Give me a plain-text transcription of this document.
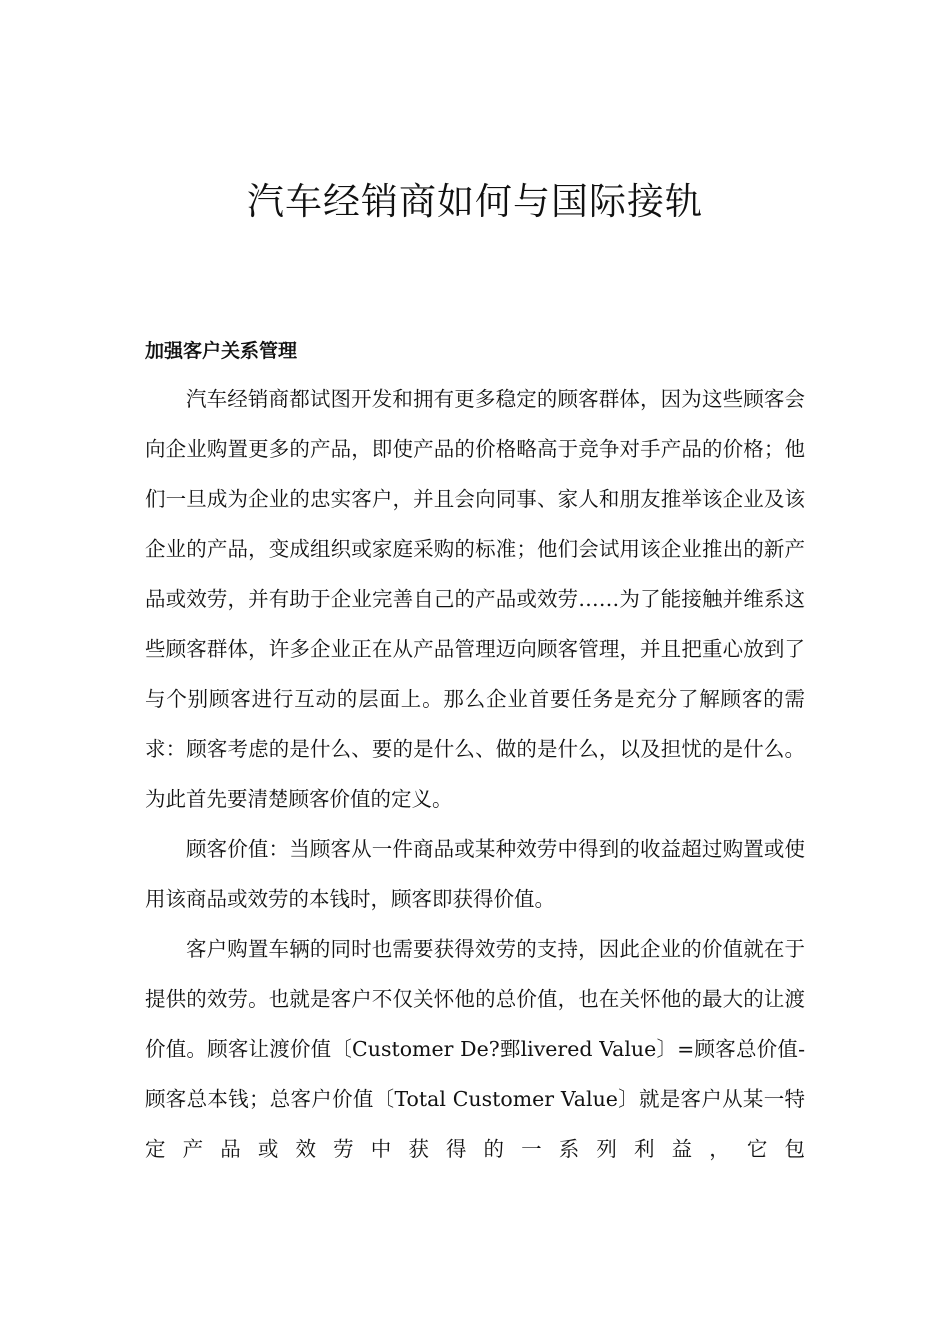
汽车经销商如何与国际接轨
加强客户关系管理

汽车经销商都试图开发和拥有更多稳定的顾客群体，因为这些顾客会向企业购置更多的产品，即使产品的价格略高于竞争对手产品的价格；他们一旦成为企业的忠实客户，并且会向同事、家人和朋友推举该企业及该企业的产品，变成组织或家庭采购的标准；他们会试用该企业推出的新产品或效劳，并有助于企业完善自己的产品或效劳……为了能接触并维系这些顾客群体，许多企业正在从产品管理迈向顾客管理，并且把重心放到了与个别顾客进行互动的层面上。那么企业首要任务是充分了解顾客的需求：顾客考虑的是什么、要的是什么、做的是什么，以及担忧的是什么。为此首先要清楚顾客价值的定义。

顾客价值：当顾客从一件商品或某种效劳中得到的收益超过购置或使用该商品或效劳的本钱时，顾客即获得价值。

客户购置车辆的同时也需要获得效劳的支持，因此企业的价值就在于提供的效劳。也就是客户不仅关怀他的总价值，也在关怀他的最大的让渡价值。顾客让渡价值〔Customer De?鄄livered Value〕=顾客总价值-顾客总本钱；总客户价值〔Total Customer Value〕就是客户从某一特定产品或效劳中获得的一系列利益，它包
